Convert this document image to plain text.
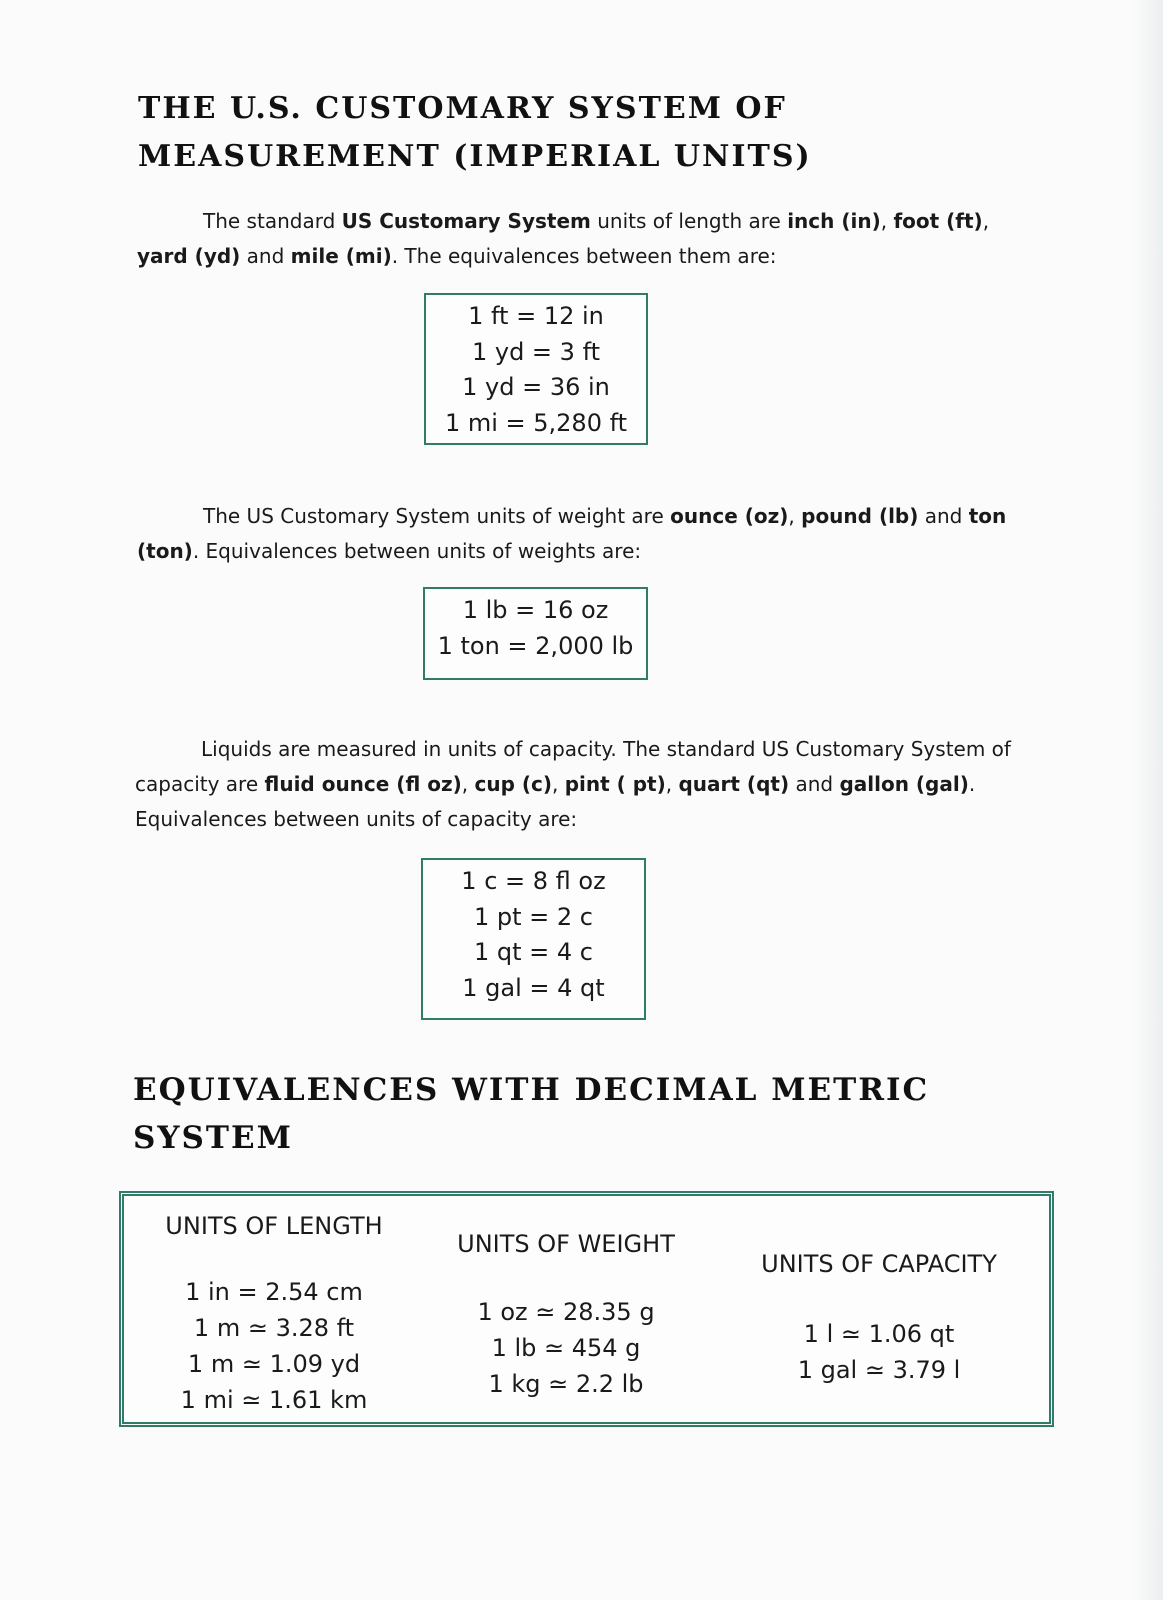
THE U.S. CUSTOMARY SYSTEM OF
MEASUREMENT (IMPERIAL UNITS)

The standard US Customary System units of length are inch (in), foot (ft), yard (yd) and mile (mi). The equivalences between them are:

1 ft = 12 in
1 yd = 3 ft
1 yd = 36 in
1 mi = 5,280 ft

The US Customary System units of weight are ounce (oz), pound (lb) and ton (ton). Equivalences between units of weights are:

1 lb = 16 oz
1 ton = 2,000 lb

Liquids are measured in units of capacity. The standard US Customary System of capacity are fluid ounce (fl oz), cup (c), pint ( pt), quart (qt) and gallon (gal). Equivalences between units of capacity are:

1 c = 8 fl oz
1 pt = 2 c
1 qt = 4 c
1 gal = 4 qt
EQUIVALENCES WITH DECIMAL METRIC
SYSTEM
UNITS OF LENGTH
1 in = 2.54 cm
1 m ≃ 3.28 ft
1 m ≃ 1.09 yd
1 mi ≃ 1.61 km
UNITS OF WEIGHT
1 oz ≃ 28.35 g
1 lb ≃ 454 g
1 kg ≃ 2.2 lb
UNITS OF CAPACITY
1 l ≃ 1.06 qt
1 gal ≃ 3.79 l
